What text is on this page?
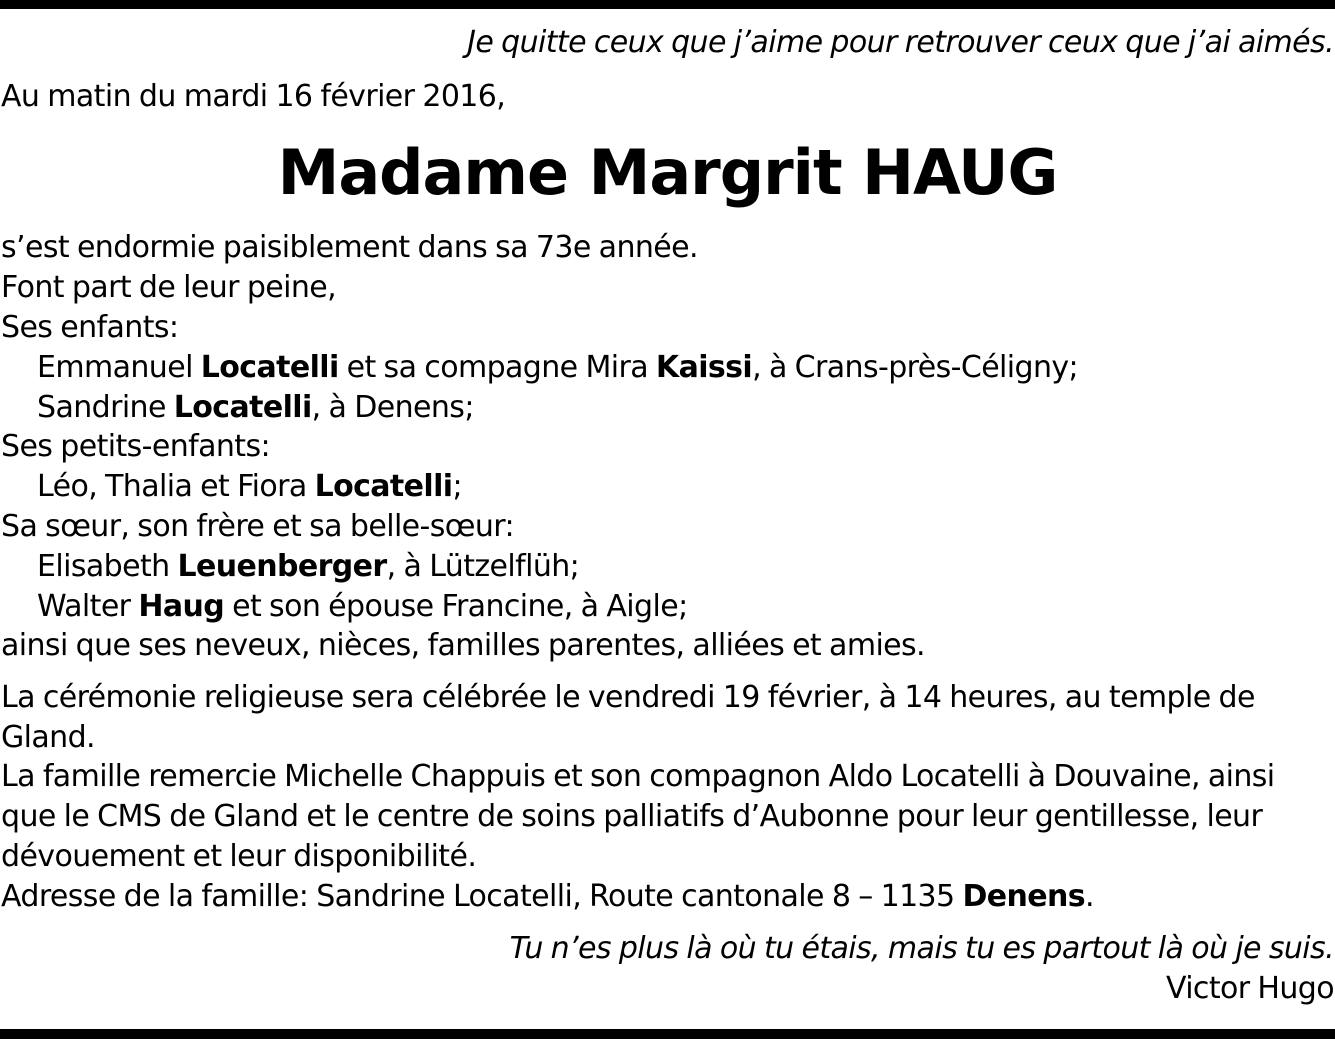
Je quitte ceux que j’aime pour retrouver ceux que j’ai aimés.
Au matin du mardi 16 février 2016,
Madame Margrit HAUG
s’est endormie paisiblement dans sa 73e année.
Font part de leur peine,
Ses enfants:
Emmanuel Locatelli et sa compagne Mira Kaissi, à Crans-près-Céligny;
Sandrine Locatelli, à Denens;
Ses petits-enfants:
Léo, Thalia et Fiora Locatelli;
Sa sœur, son frère et sa belle-sœur:
Elisabeth Leuenberger, à Lützelflüh;
Walter Haug et son épouse Francine, à Aigle;
ainsi que ses neveux, nièces, familles parentes, alliées et amies.
La cérémonie religieuse sera célébrée le vendredi 19 février, à 14 heures, au temple de
Gland.
La famille remercie Michelle Chappuis et son compagnon Aldo Locatelli à Douvaine, ainsi
que le CMS de Gland et le centre de soins palliatifs d’Aubonne pour leur gentillesse, leur
dévouement et leur disponibilité.
Adresse de la famille: Sandrine Locatelli, Route cantonale 8 – 1135 Denens.
Tu n’es plus là où tu étais, mais tu es partout là où je suis.
Victor Hugo
